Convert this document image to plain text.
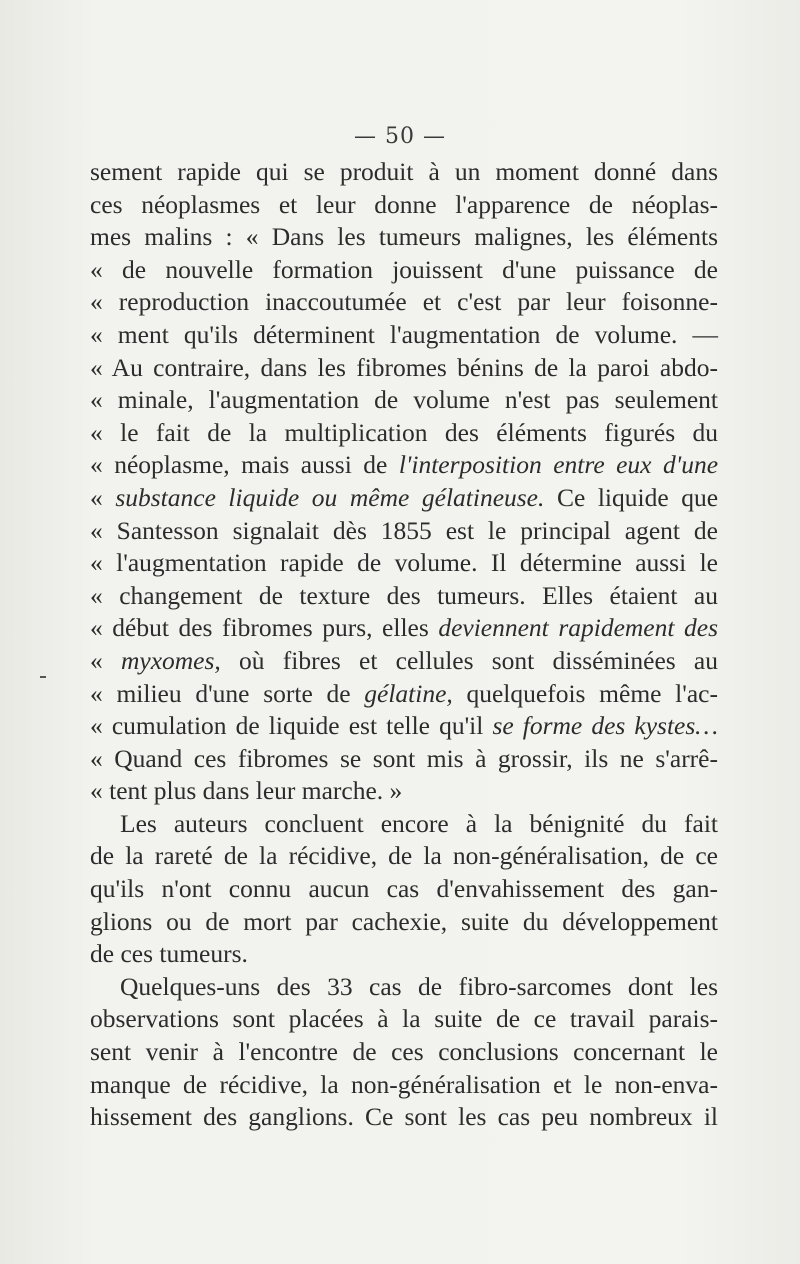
— 50 —
sement rapide qui se produit à un moment donné dans
ces néoplasmes et leur donne l'apparence de néoplas-
mes malins : « Dans les tumeurs malignes, les éléments
« de nouvelle formation jouissent d'une puissance de
« reproduction inaccoutumée et c'est par leur foisonne-
« ment qu'ils déterminent l'augmentation de volume. —
« Au contraire, dans les fibromes bénins de la paroi abdo-
« minale, l'augmentation de volume n'est pas seulement
« le fait de la multiplication des éléments figurés du
« néoplasme, mais aussi de l'interposition entre eux d'une
« substance liquide ou même gélatineuse. Ce liquide que
« Santesson signalait dès 1855 est le principal agent de
« l'augmentation rapide de volume. Il détermine aussi le
« changement de texture des tumeurs. Elles étaient au
« début des fibromes purs, elles deviennent rapidement des
« myxomes, où fibres et cellules sont disséminées au
« milieu d'une sorte de gélatine, quelquefois même l'ac-
« cumulation de liquide est telle qu'il se forme des kystes…
« Quand ces fibromes se sont mis à grossir, ils ne s'arrê-
« tent plus dans leur marche. »
Les auteurs concluent encore à la bénignité du fait
de la rareté de la récidive, de la non-généralisation, de ce
qu'ils n'ont connu aucun cas d'envahissement des gan-
glions ou de mort par cachexie, suite du développement
de ces tumeurs.
Quelques-uns des 33 cas de fibro-sarcomes dont les
observations sont placées à la suite de ce travail parais-
sent venir à l'encontre de ces conclusions concernant le
manque de récidive, la non-généralisation et le non-enva-
hissement des ganglions. Ce sont les cas peu nombreux il
